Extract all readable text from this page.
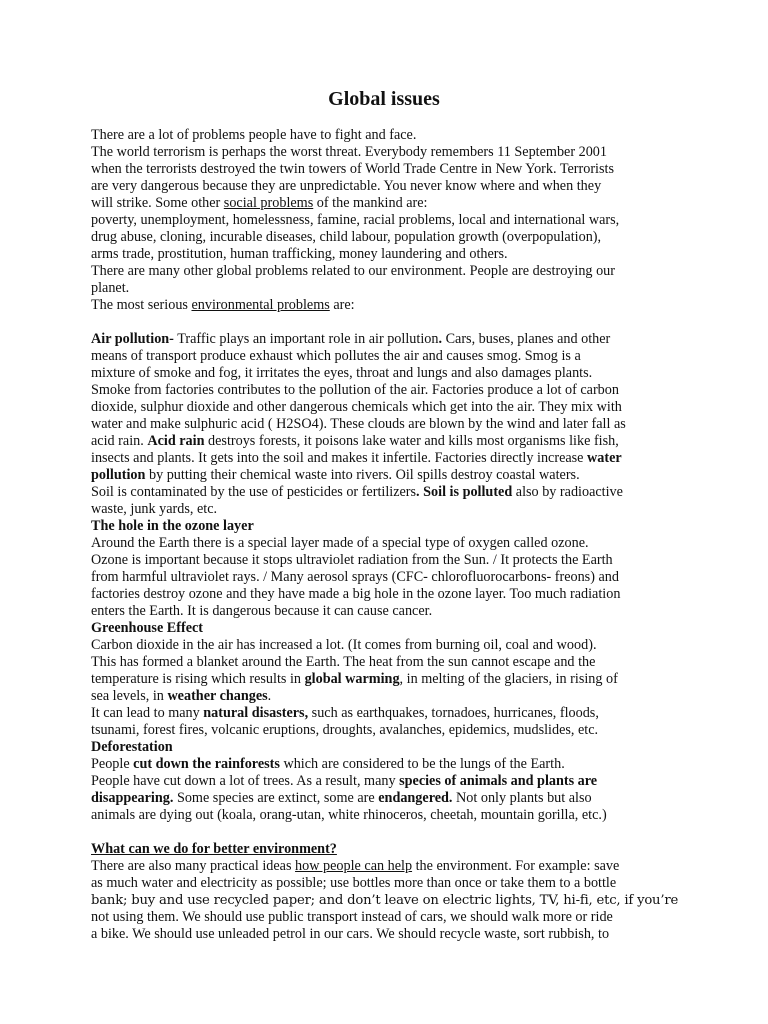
Global issues
There are a lot of problems people have to fight and face.
The world terrorism is perhaps the worst threat. Everybody remembers 11 September 2001
when the terrorists destroyed the twin towers of World Trade Centre in New York. Terrorists
are very dangerous because they are unpredictable. You never know where and when they
will strike. Some other social problems of the mankind are:
poverty, unemployment, homelessness, famine, racial problems, local and international wars,
drug abuse, cloning, incurable diseases, child labour, population growth (overpopulation),
arms trade, prostitution, human trafficking, money laundering and others.
There are many other global problems related to our environment. People are destroying our
planet.
The most serious environmental problems are:
Air pollution- Traffic plays an important role in air pollution. Cars, buses, planes and other
means of transport produce exhaust which pollutes the air and causes smog. Smog is a
mixture of smoke and fog, it irritates the eyes, throat and lungs and also damages plants.
Smoke from factories contributes to the pollution of the air. Factories produce a lot of carbon
dioxide, sulphur dioxide and other dangerous chemicals which get into the air. They mix with
water and make sulphuric acid ( H2SO4). These clouds are blown by the wind and later fall as
acid rain. Acid rain destroys forests, it poisons lake water and kills most organisms like fish,
insects and plants. It gets into the soil and makes it infertile. Factories directly increase water
pollution by putting their chemical waste into rivers. Oil spills destroy coastal waters.
Soil is contaminated by the use of pesticides or fertilizers. Soil is polluted also by radioactive
waste, junk yards, etc.
The hole in the ozone layer
Around the Earth there is a special layer made of a special type of oxygen called ozone.
Ozone is important because it stops ultraviolet radiation from the Sun. / It protects the Earth
from harmful ultraviolet rays. / Many aerosol sprays (CFC- chlorofluorocarbons- freons) and
factories destroy ozone and they have made a big hole in the ozone layer. Too much radiation
enters the Earth. It is dangerous because it can cause cancer.
Greenhouse Effect
Carbon dioxide in the air has increased a lot. (It comes from burning oil, coal and wood).
This has formed a blanket around the Earth. The heat from the sun cannot escape and the
temperature is rising which results in global warming, in melting of the glaciers, in rising of
sea levels, in weather changes.
It can lead to many natural disasters, such as earthquakes, tornadoes, hurricanes, floods,
tsunami, forest fires, volcanic eruptions, droughts, avalanches, epidemics, mudslides, etc.
Deforestation
People cut down the rainforests which are considered to be the lungs of the Earth.
People have cut down a lot of trees. As a result, many species of animals and plants are
disappearing. Some species are extinct, some are endangered. Not only plants but also
animals are dying out (koala, orang-utan, white rhinoceros, cheetah, mountain gorilla, etc.)
What can we do for better environment?
There are also many practical ideas how people can help the environment. For example: save
as much water and electricity as possible; use bottles more than once or take them to a bottle
bank; buy and use recycled paper; and don’t leave on electric lights, TV, hi-fi, etc, if you’re
not using them. We should use public transport instead of cars, we should walk more or ride
a bike. We should use unleaded petrol in our cars. We should recycle waste, sort rubbish, to
